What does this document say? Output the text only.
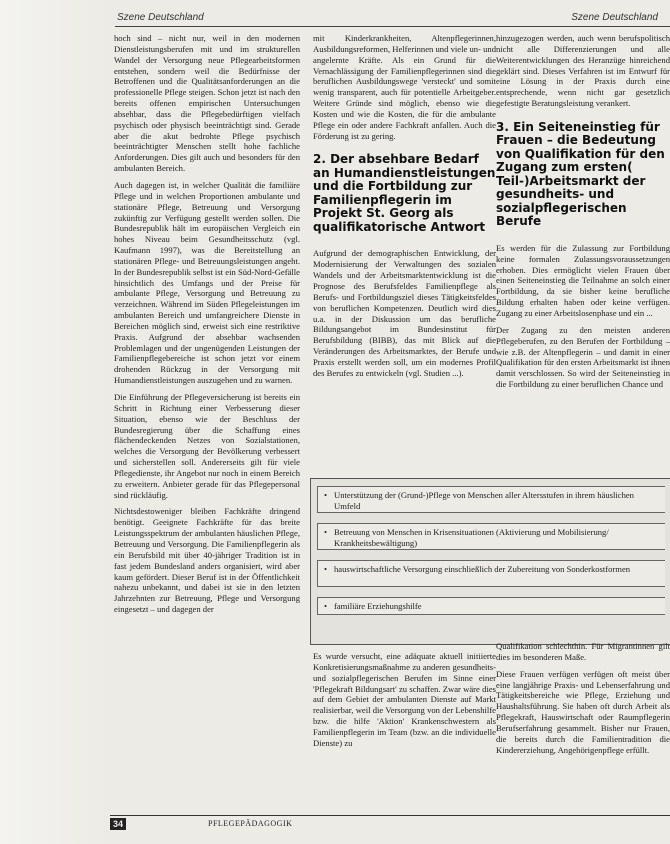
Szene Deutschland	Szene Deutschland

hoch sind – nicht nur, weil in den modernen Dienstleistungsberufen mit und im strukturellen Wandel der Versorgung neue Pflegearbeitsformen entstehen, sondern weil die Bedürfnisse der Betroffenen und die Qualitätsanforderungen an die professionelle Pflege steigen. Schon jetzt ist nach den bereits offenen empirischen Untersuchungen absehbar, dass die Pflegebedürftigen vielfach psychisch oder physisch beeinträchtigt sind. Gerade aber die akut bedrohte Pflege psychisch beeinträchtigter Menschen stellt hohe fachliche Anforderungen. Dies gilt auch und besonders für den ambulanten Bereich.

Auch dagegen ist, in welcher Qualität die familiäre Pflege und in welchen Proportionen ambulante und stationäre Pflege, Betreuung und Versorgung zukünftig zur Verfügung gestellt werden sollen. Die Bundesrepublik hält im europäischen Vergleich ein hohes Niveau beim Gesundheitsschutz (vgl. Kaufmann 1997), was die Bereitstellung an stationären Pflege- und Betreuungsleistungen angeht. In der Bundesrepublik selbst ist ein Süd-Nord-Gefälle hinsichtlich des Umfangs und der Preise für ambulante Pflege, Versorgung und Betreuung zu verzeichnen. Während im Süden Pflegeleistungen im ambulanten Bereich und umfangreichere Dienste in Bereichen möglich sind, erweist sich eine restriktive Praxis. Aufgrund der absehbar wachsenden Problemlagen und der ungenügenden Leistungen der Familienpflegebereiche ist schon jetzt vor einem drohenden Rückzug in der Versorgung mit Humandienstleistungen auszugehen und zu warnen.

Die Einführung der Pflegeversicherung ist bereits ein Schritt in Richtung einer Verbesserung dieser Situation, ebenso wie der Beschluss der Bundesregierung über die Schaffung eines flächendeckenden Netzes von Sozialstationen, welches die Versorgung der Bevölkerung verbessert und sicherstellen soll. Andererseits gilt für viele Pflegedienste, ihr Angebot nur noch in einem Bereich zu erweitern. Anbieter gerade für das Pflegepersonal sind rückläufig.

Nichtsdestoweniger bleiben Fachkräfte dringend benötigt. Geeignete Fachkräfte für das breite Leistungsspektrum der ambulanten häuslichen Pflege, Betreuung und Versorgung. Die Familienpflegerin als ein Berufsbild mit über 40-jähriger Tradition ist in fast jedem Bundesland anders organisiert, wird aber kaum gefördert. Dieser Beruf ist in der Öffentlichkeit nahezu unbekannt, und dabei ist sie in den letzten Jahrzehnten zur Betreuung, Pflege und Versorgung eingesetzt – und dagegen der

mit Kinderkrankheiten, Altenpflegerinnen, Ausbildungsreformen, Helferinnen und viele un- und angelernte Kräfte. Als ein Grund für die Vernachlässigung der Familienpflegerinnen sind die beruflichen Ausbildungswege 'versteckt' und somit wenig transparent, auch für potentielle Arbeitgeber. Weitere Gründe sind möglich, ebenso wie die Kosten und wie die Kosten, die für die ambulante Pflege ein oder andere Fachkraft anfallen. Auch die Förderung ist zu gering.

2. Der absehbare Bedarf an Humandienstleistungen und die Fortbildung zur Familienpflegerin im Projekt St. Georg als qualifikatorische Antwort

Aufgrund der demographischen Entwicklung, der Modernisierung der Verwaltungen des sozialen Wandels und der Arbeitsmarktentwicklung ist die Prognose des Berufsfeldes Familienpflege als Berufs- und Fortbildungsziel dieses Tätigkeitsfeldes von beruflichen Kompetenzen. Deutlich wird dies u.a. in der Diskussion um das berufliche Bildungsangebot im Bundesinstitut für Berufsbildung (BIBB), das mit Blick auf die Veränderungen des Arbeitsmarktes, der Berufe und Praxis erstellt werden soll, um ein modernes Profil des Berufes zu entwickeln (vgl. Studien ...).

hinzugezogen werden, auch wenn berufspolitisch nicht alle Differenzierungen und alle Weiterentwicklungen des Heranzüge hinreichend geklärt sind. Dieses Verfahren ist im Entwurf für eine Lösung in der Praxis durch eine entsprechende, wenn nicht gar gesetzlich gefestigte Beratungsleistung verankert.

3. Ein Seiteneinstieg für Frauen – die Bedeutung von Qualifikation für den Zugang zum ersten( Teil-)Arbeitsmarkt der gesundheits- und sozialpflegerischen Berufe

Es werden für die Zulassung zur Fortbildung keine formalen Zulassungsvoraussetzungen erhoben. Dies ermöglicht vielen Frauen über einen Seiteneinstieg die Teilnahme an solch einer Fortbildung, da sie bisher keine berufliche Bildung erhalten haben oder keine verfügen. Zugang zu einer Arbeitslosenphase und ein ...

Der Zugang zu den meisten anderen Pflegeberufen, zu den Berufen der Fortbildung – wie z.B. der Altenpflegerin – und damit in einer Qualifikation für den ersten Arbeitsmarkt ist ihnen damit verschlossen. So wird der Seiteneinstieg in die Fortbildung zu einer beruflichen Chance und

• Unterstützung der (Grund-)Pflege von Menschen aller Altersstufen in ihrem häuslichen Umfeld
• Betreuung von Menschen in Krisensituationen (Aktivierung und Mobilisierung/ Krankheitsbewältigung)
• hauswirtschaftliche Versorgung einschließlich der Zubereitung von Sonderkostformen
• familiäre Erziehungshilfe

Es wurde versucht, eine adäquate aktuell initiierte Konkretisierungsmaßnahme zu anderen gesundheits- und sozialpflegerischen Berufen im Sinne einer 'Pflegekraft Bildungsart' zu schaffen. Zwar wäre dies auf dem Gebiet der ambulanten Dienste auf Markt realisierbar, weil die Versorgung von der Lebenshilfe bzw. die hilfe 'Aktion' Krankenschwestern als Familienpflegerin im Team (bzw. an die individuelle Dienste) zu

Qualifikation schlechthin. Für Migrantinnen gilt dies im besonderen Maße.

Diese Frauen verfügen verfügen oft meist über eine langjährige Praxis- und Lebenserfahrung und Tätigkeitsbereiche wie Pflege, Erziehung und Haushaltsführung. Sie haben oft durch Arbeit als Pflegekraft, Hauswirtschaft oder Raumpflegerin Berufserfahrung gesammelt. Bisher nur Frauen, die bereits durch die Familientradition die Kindererziehung, Angehörigenpflege erfüllt.

34	PFLEGEPÄDAGOGIK
